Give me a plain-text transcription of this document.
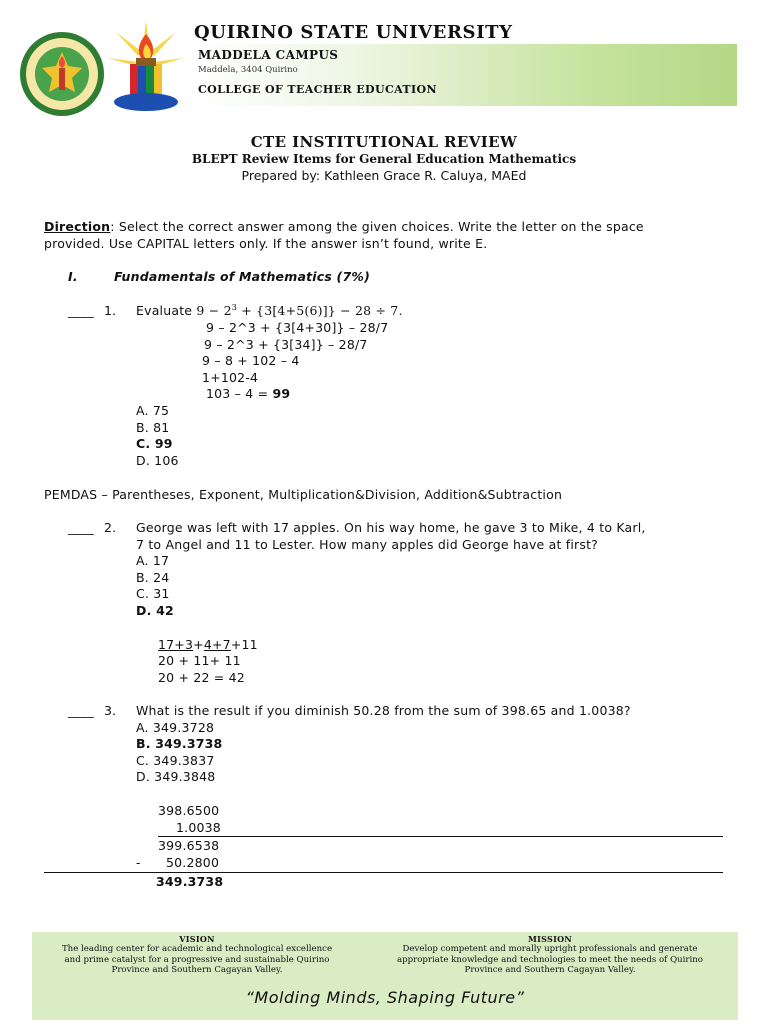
QUIRINO STATE UNIVERSITY
MADDELA CAMPUS
Maddela, 3404 Quirino
COLLEGE OF TEACHER EDUCATION
CTE INSTITUTIONAL REVIEW
BLEPT Review Items for General Education Mathematics
Prepared by: Kathleen Grace R. Caluya, MAEd
Direction: Select the correct answer among the given choices. Write the letter on the space
provided. Use CAPITAL letters only. If the answer isn’t found, write E.
I.	Fundamentals of Mathematics (7%)
____ 1. Evaluate $9 - 2^3 + \{3[4+5(6)]\} - 28 \div 7$.
9 – 2^3 + {3[4+30]} – 28/7
9 – 2^3 + {3[34]} – 28/7
9 – 8 + 102 – 4
1+102-4
103 – 4 = 99
A. 75
B. 81
C. 99
D. 106
PEMDAS – Parentheses, Exponent, Multiplication&Division, Addition&Subtraction
____ 2. George was left with 17 apples. On his way home, he gave 3 to Mike, 4 to Karl,
7 to Angel and 11 to Lester. How many apples did George have at first?
A. 17
B. 24
C. 31
D. 42
17+3+4+7+11
20 + 11+ 11
20 + 22 = 42
____ 3. What is the result if you diminish 50.28 from the sum of 398.65 and 1.0038?
A. 349.3728
B. 349.3738
C. 349.3837
D. 349.3848
398.6500
1.0038
399.6538
- 50.2800
349.3738
VISION
The leading center for academic and technological excellence
and prime catalyst for a progressive and sustainable Quirino
Province and Southern Cagayan Valley.
MISSION
Develop competent and morally upright professionals and generate
appropriate knowledge and technologies to meet the needs of Quirino
Province and Southern Cagayan Valley.
“Molding Minds, Shaping Future”
